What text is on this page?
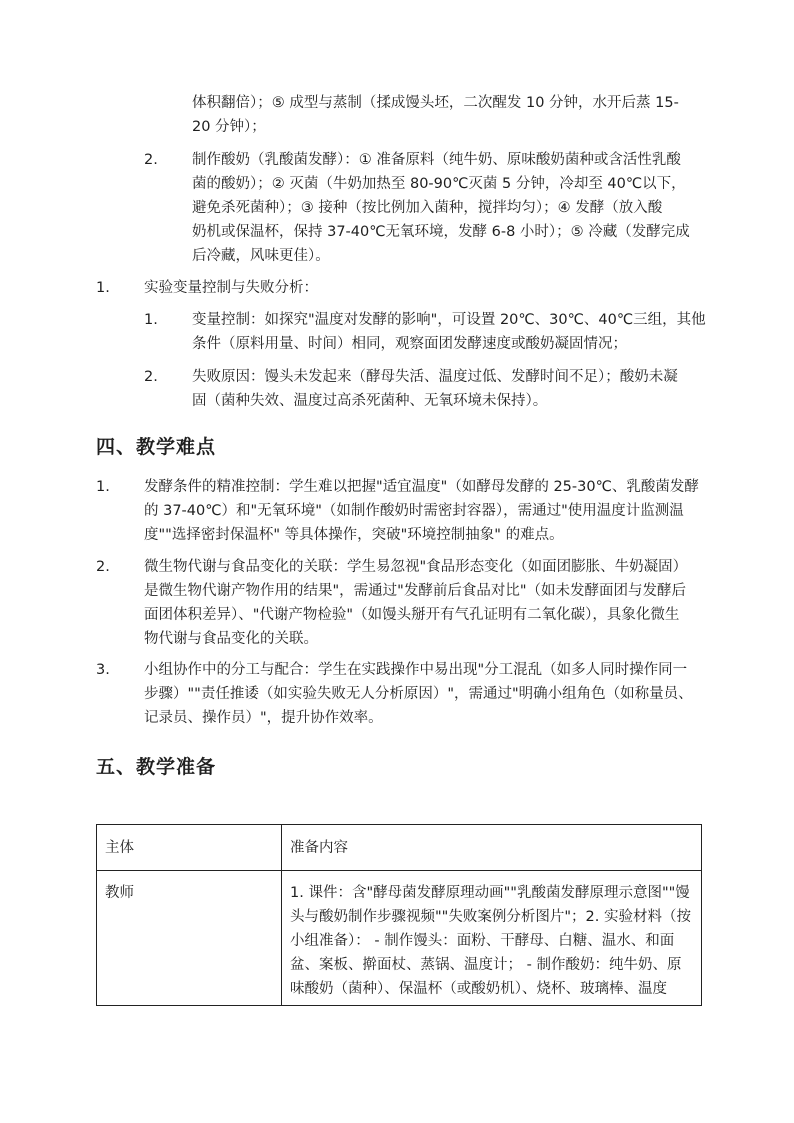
体积翻倍）；⑤ 成型与蒸制（揉成馒头坯，二次醒发 10 分钟，水开后蒸 15-
20 分钟）；
2. 制作酸奶（乳酸菌发酵）：① 准备原料（纯牛奶、原味酸奶菌种或含活性乳酸
菌的酸奶）；② 灭菌（牛奶加热至 80-90℃灭菌 5 分钟，冷却至 40℃以下，
避免杀死菌种）；③ 接种（按比例加入菌种，搅拌均匀）；④ 发酵（放入酸
奶机或保温杯，保持 37-40℃无氧环境，发酵 6-8 小时）；⑤ 冷藏（发酵完成
后冷藏，风味更佳）。
1. 实验变量控制与失败分析：
1. 变量控制：如探究"温度对发酵的影响"，可设置 20℃、30℃、40℃三组，其他
条件（原料用量、时间）相同，观察面团发酵速度或酸奶凝固情况；
2. 失败原因：馒头未发起来（酵母失活、温度过低、发酵时间不足）；酸奶未凝
固（菌种失效、温度过高杀死菌种、无氧环境未保持）。
四、教学难点
1. 发酵条件的精准控制：学生难以把握"适宜温度"（如酵母发酵的 25-30℃、乳酸菌发酵
的 37-40℃）和"无氧环境"（如制作酸奶时需密封容器），需通过"使用温度计监测温
度""选择密封保温杯" 等具体操作，突破"环境控制抽象" 的难点。
2. 微生物代谢与食品变化的关联：学生易忽视"食品形态变化（如面团膨胀、牛奶凝固）
是微生物代谢产物作用的结果"，需通过"发酵前后食品对比"（如未发酵面团与发酵后
面团体积差异）、"代谢产物检验"（如馒头掰开有气孔证明有二氧化碳），具象化微生
物代谢与食品变化的关联。
3. 小组协作中的分工与配合：学生在实践操作中易出现"分工混乱（如多人同时操作同一
步骤）""责任推诿（如实验失败无人分析原因）"，需通过"明确小组角色（如称量员、
记录员、操作员）"，提升协作效率。
五、教学准备
主体	准备内容
教师	1. 课件：含"酵母菌发酵原理动画""乳酸菌发酵原理示意图""馒
头与酸奶制作步骤视频""失败案例分析图片"；2. 实验材料（按
小组准备）： - 制作馒头：面粉、干酵母、白糖、温水、和面
盆、案板、擀面杖、蒸锅、温度计； - 制作酸奶：纯牛奶、原
味酸奶（菌种）、保温杯（或酸奶机）、烧杯、玻璃棒、温度
